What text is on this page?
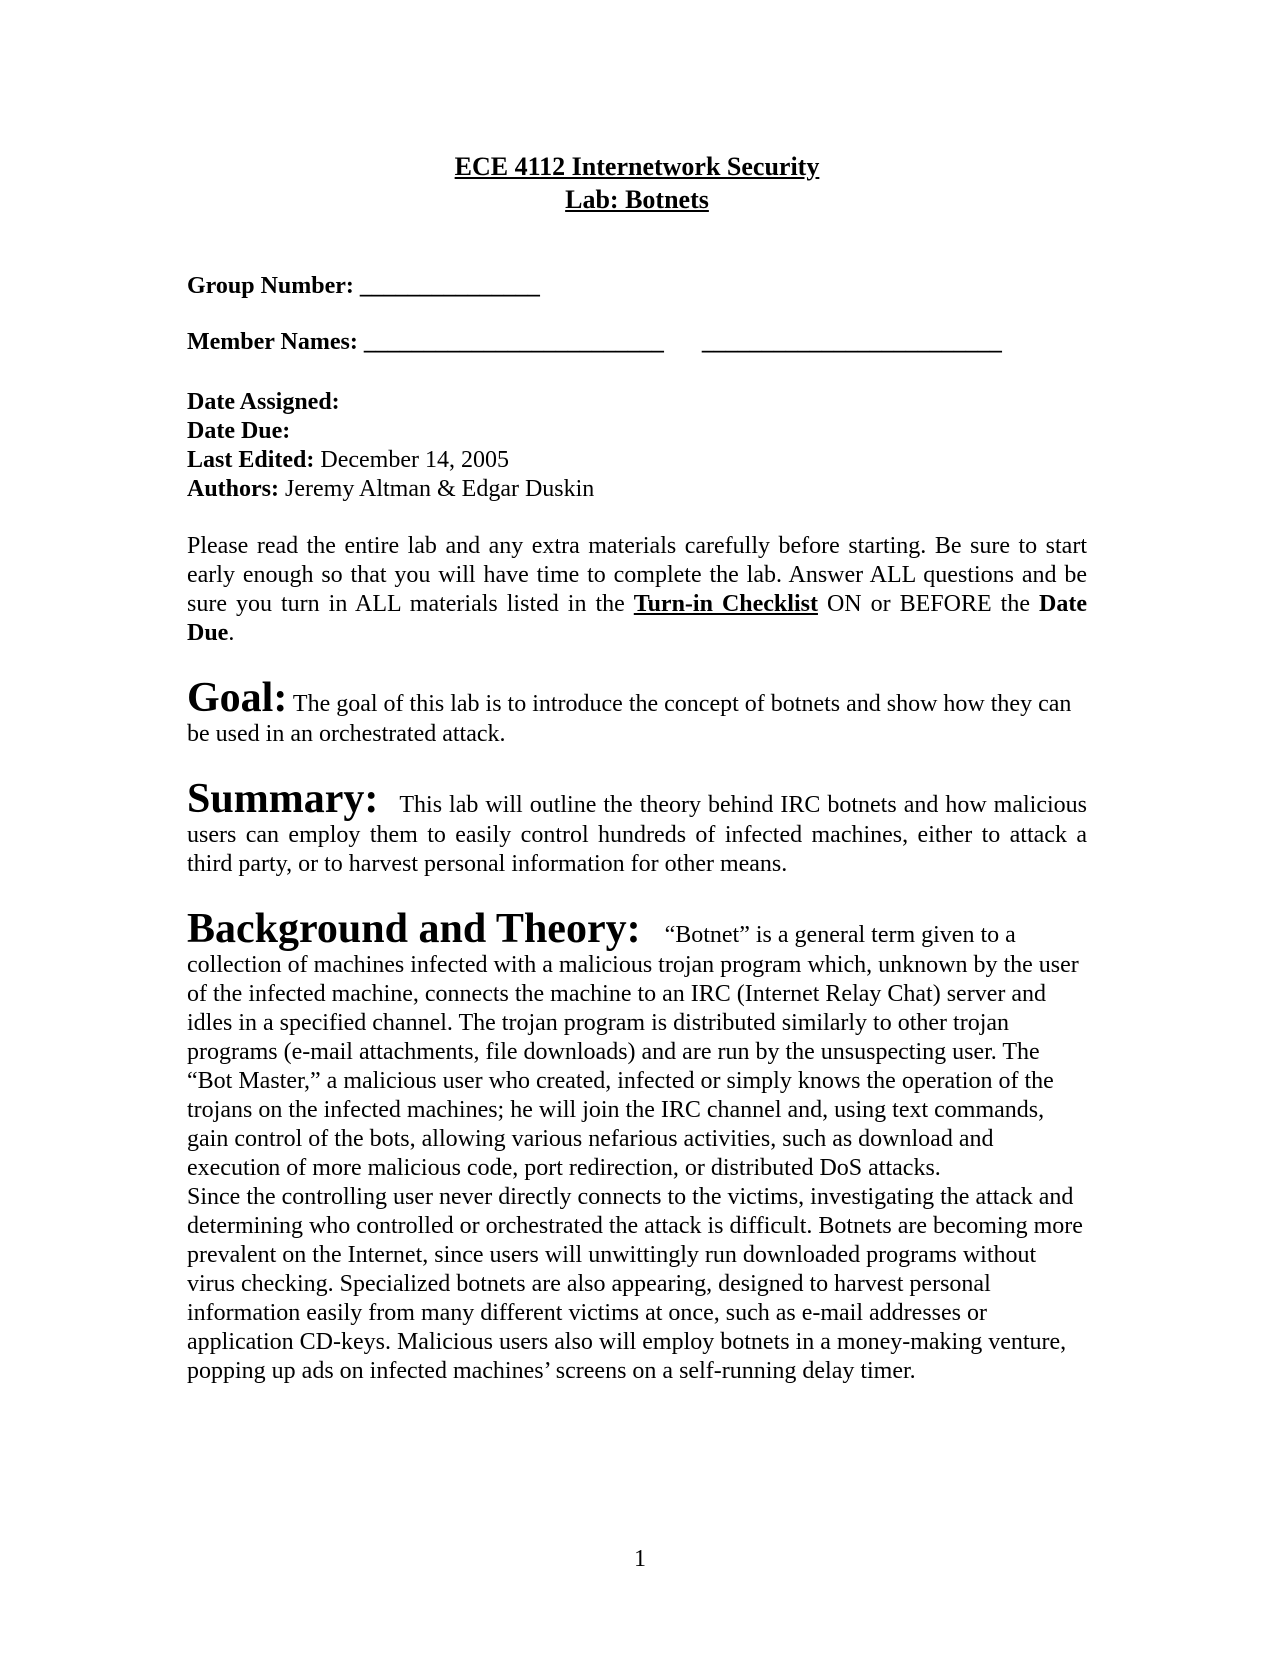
ECE 4112 Internetwork Security
Lab: Botnets
Group Number: _______________
Member Names: _________________________ _________________________
Date Assigned:
Date Due:
Last Edited: December 14, 2005
Authors: Jeremy Altman & Edgar Duskin
Please read the entire lab and any extra materials carefully before starting. Be sure to start early enough so that you will have time to complete the lab. Answer ALL questions and be sure you turn in ALL materials listed in the Turn-in Checklist ON or BEFORE the Date Due.
Goal: The goal of this lab is to introduce the concept of botnets and show how they can be used in an orchestrated attack.
Summary: This lab will outline the theory behind IRC botnets and how malicious users can employ them to easily control hundreds of infected machines, either to attack a third party, or to harvest personal information for other means.
Background and Theory: “Botnet” is a general term given to a collection of machines infected with a malicious trojan program which, unknown by the user of the infected machine, connects the machine to an IRC (Internet Relay Chat) server and idles in a specified channel. The trojan program is distributed similarly to other trojan programs (e-mail attachments, file downloads) and are run by the unsuspecting user. The “Bot Master,” a malicious user who created, infected or simply knows the operation of the trojans on the infected machines; he will join the IRC channel and, using text commands, gain control of the bots, allowing various nefarious activities, such as download and execution of more malicious code, port redirection, or distributed DoS attacks.
Since the controlling user never directly connects to the victims, investigating the attack and determining who controlled or orchestrated the attack is difficult. Botnets are becoming more prevalent on the Internet, since users will unwittingly run downloaded programs without virus checking. Specialized botnets are also appearing, designed to harvest personal information easily from many different victims at once, such as e-mail addresses or application CD-keys. Malicious users also will employ botnets in a money-making venture, popping up ads on infected machines’ screens on a self-running delay timer.
1
